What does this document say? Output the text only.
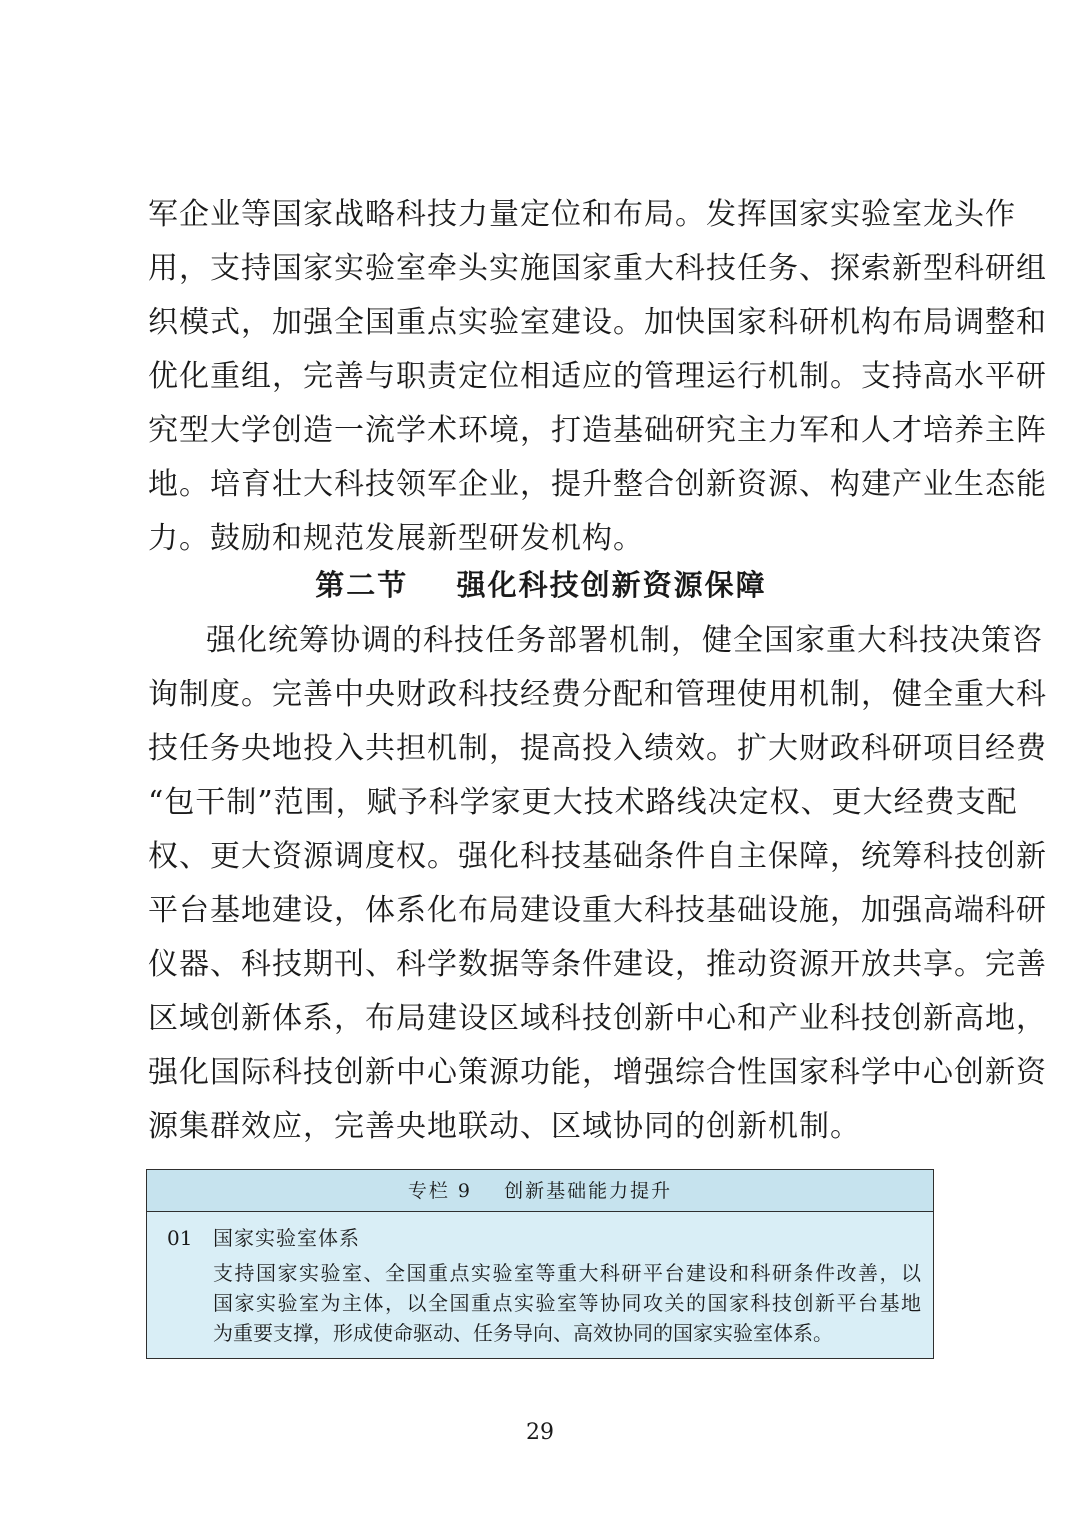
军企业等国家战略科技力量定位和布局。发挥国家实验室龙头作
用，支持国家实验室牵头实施国家重大科技任务、探索新型科研组
织模式，加强全国重点实验室建设。加快国家科研机构布局调整和
优化重组，完善与职责定位相适应的管理运行机制。支持高水平研
究型大学创造一流学术环境，打造基础研究主力军和人才培养主阵
地。培育壮大科技领军企业，提升整合创新资源、构建产业生态能
力。鼓励和规范发展新型研发机构。
第二节    强化科技创新资源保障
强化统筹协调的科技任务部署机制，健全国家重大科技决策咨
询制度。完善中央财政科技经费分配和管理使用机制，健全重大科
技任务央地投入共担机制，提高投入绩效。扩大财政科研项目经费
“包干制”范围，赋予科学家更大技术路线决定权、更大经费支配
权、更大资源调度权。强化科技基础条件自主保障，统筹科技创新
平台基地建设，体系化布局建设重大科技基础设施，加强高端科研
仪器、科技期刊、科学数据等条件建设，推动资源开放共享。完善
区域创新体系，布局建设区域科技创新中心和产业科技创新高地，
强化国际科技创新中心策源功能，增强综合性国家科学中心创新资
源集群效应，完善央地联动、区域协同的创新机制。
专栏 9    创新基础能力提升
01 国家实验室体系
支持国家实验室、全国重点实验室等重大科研平台建设和科研条件改善，以
国家实验室为主体，以全国重点实验室等协同攻关的国家科技创新平台基地
为重要支撑，形成使命驱动、任务导向、高效协同的国家实验室体系。
29
